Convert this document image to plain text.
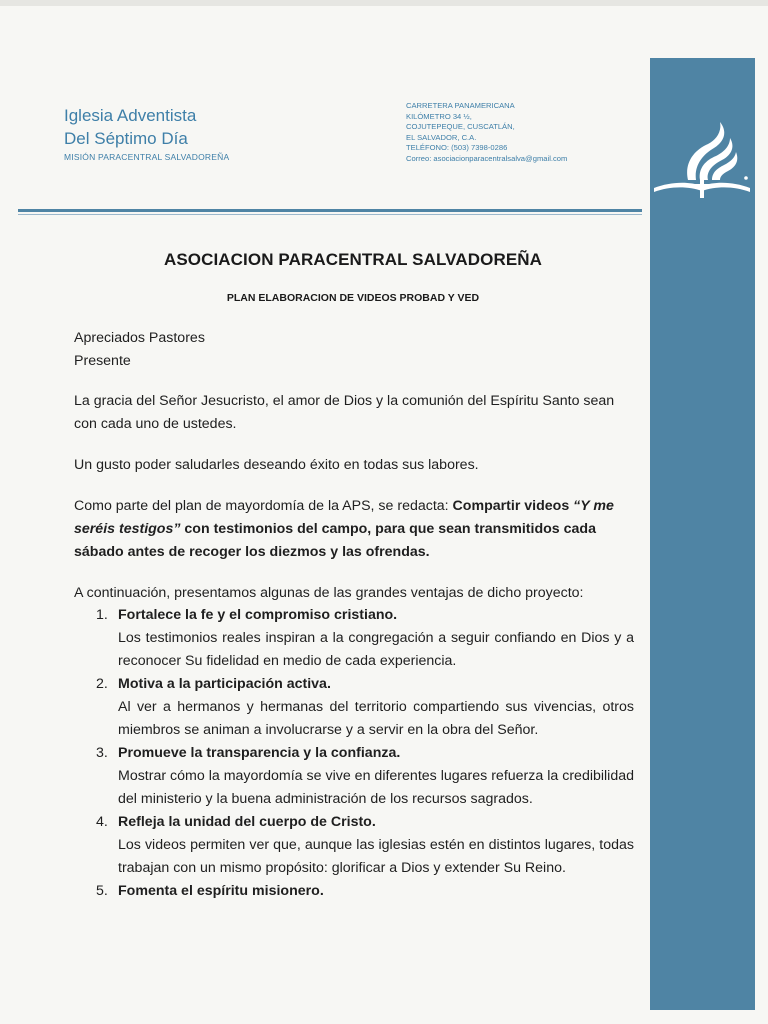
Iglesia Adventista
Del Séptimo Día
MISIÓN PARACENTRAL SALVADOREÑA
CARRETERA PANAMERICANA
KILÓMETRO 34 ½,
COJUTEPEQUE, CUSCATLÁN,
EL SALVADOR, C.A.
TELÉFONO: (503) 7398-0286
Correo: asociacionparacentralsalva@gmail.com
ASOCIACION PARACENTRAL SALVADOREÑA
PLAN ELABORACION DE VIDEOS PROBAD Y VED
Apreciados Pastores
Presente
La gracia del Señor Jesucristo, el amor de Dios y la comunión del Espíritu Santo sean con cada uno de ustedes.
Un gusto poder saludarles deseando éxito en todas sus labores.
Como parte del plan de mayordomía de la APS, se redacta: Compartir videos “Y me seréis testigos” con testimonios del campo, para que sean transmitidos cada sábado antes de recoger los diezmos y las ofrendas.
A continuación, presentamos algunas de las grandes ventajas de dicho proyecto:
1. Fortalece la fe y el compromiso cristiano.
Los testimonios reales inspiran a la congregación a seguir confiando en Dios y a reconocer Su fidelidad en medio de cada experiencia.
2. Motiva a la participación activa.
Al ver a hermanos y hermanas del territorio compartiendo sus vivencias, otros miembros se animan a involucrarse y a servir en la obra del Señor.
3. Promueve la transparencia y la confianza.
Mostrar cómo la mayordomía se vive en diferentes lugares refuerza la credibilidad del ministerio y la buena administración de los recursos sagrados.
4. Refleja la unidad del cuerpo de Cristo.
Los videos permiten ver que, aunque las iglesias estén en distintos lugares, todas trabajan con un mismo propósito: glorificar a Dios y extender Su Reino.
5. Fomenta el espíritu misionero.
